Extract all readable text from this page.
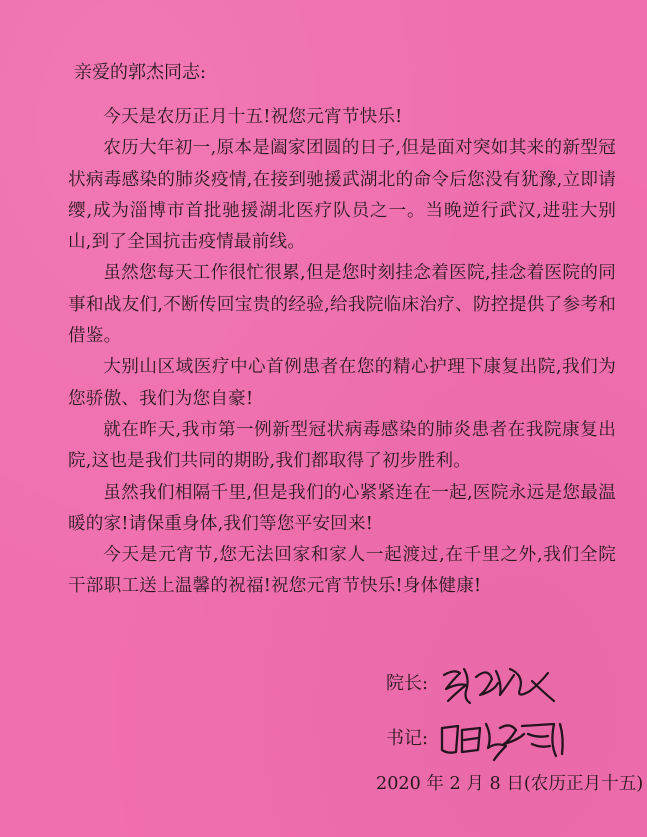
亲爱的郭杰同志:

今天是农历正月十五!祝您元宵节快乐!

农历大年初一,原本是阖家团圆的日子,但是面对突如其来的新型冠状病毒感染的肺炎疫情,在接到驰援武湖北的命令后您没有犹豫,立即请缨,成为淄博市首批驰援湖北医疗队员之一。当晚逆行武汉,进驻大别山,到了全国抗击疫情最前线。

虽然您每天工作很忙很累,但是您时刻挂念着医院,挂念着医院的同事和战友们,不断传回宝贵的经验,给我院临床治疗、防控提供了参考和借鉴。

大别山区域医疗中心首例患者在您的精心护理下康复出院,我们为您骄傲、我们为您自豪!

就在昨天,我市第一例新型冠状病毒感染的肺炎患者在我院康复出院,这也是我们共同的期盼,我们都取得了初步胜利。

虽然我们相隔千里,但是我们的心紧紧连在一起,医院永远是您最温暖的家!请保重身体,我们等您平安回来!

今天是元宵节,您无法回家和家人一起渡过,在千里之外,我们全院干部职工送上温馨的祝福!祝您元宵节快乐!身体健康!

院长:
书记:
2020 年 2 月 8 日(农历正月十五)
